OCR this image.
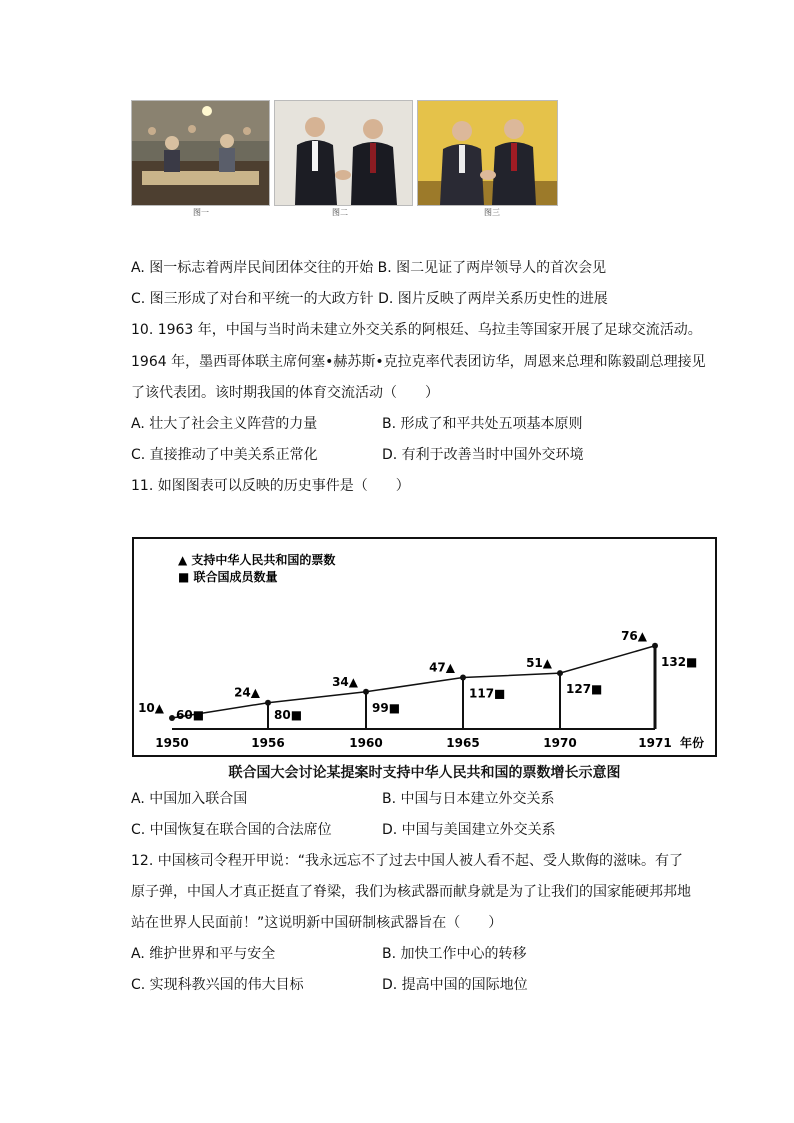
图一	图二	图三
A. 图一标志着两岸民间团体交往的开始 B. 图二见证了两岸领导人的首次会见
C. 图三形成了对台和平统一的大政方针 D. 图片反映了两岸关系历史性的进展
10. 1963 年，中国与当时尚未建立外交关系的阿根廷、乌拉圭等国家开展了足球交流活动。
1964 年，墨西哥体联主席何塞•赫苏斯•克拉克率代表团访华，周恩来总理和陈毅副总理接见
了该代表团。该时期我国的体育交流活动（　　）
A. 壮大了社会主义阵营的力量	B. 形成了和平共处五项基本原则
C. 直接推动了中美关系正常化	D. 有利于改善当时中国外交环境
11. 如图图表可以反映的历史事件是（　　）
▲ 支持中华人民共和国的票数
■ 联合国成员数量
10▲ 60■
1950
24▲
80■
1956
34▲
99■
1960
47▲
117■
1965
51▲
127■
1970
76▲
132■
1971 年份
联合国大会讨论某提案时支持中华人民共和国的票数增长示意图
A. 中国加入联合国	B. 中国与日本建立外交关系
C. 中国恢复在联合国的合法席位	D. 中国与美国建立外交关系
12. 中国核司令程开甲说：“我永远忘不了过去中国人被人看不起、受人欺侮的滋味。有了
原子弹，中国人才真正挺直了脊梁，我们为核武器而献身就是为了让我们的国家能硬邦邦地
站在世界人民面前！”这说明新中国研制核武器旨在（　　）
A. 维护世界和平与安全	B. 加快工作中心的转移
C. 实现科教兴国的伟大目标	D. 提高中国的国际地位
